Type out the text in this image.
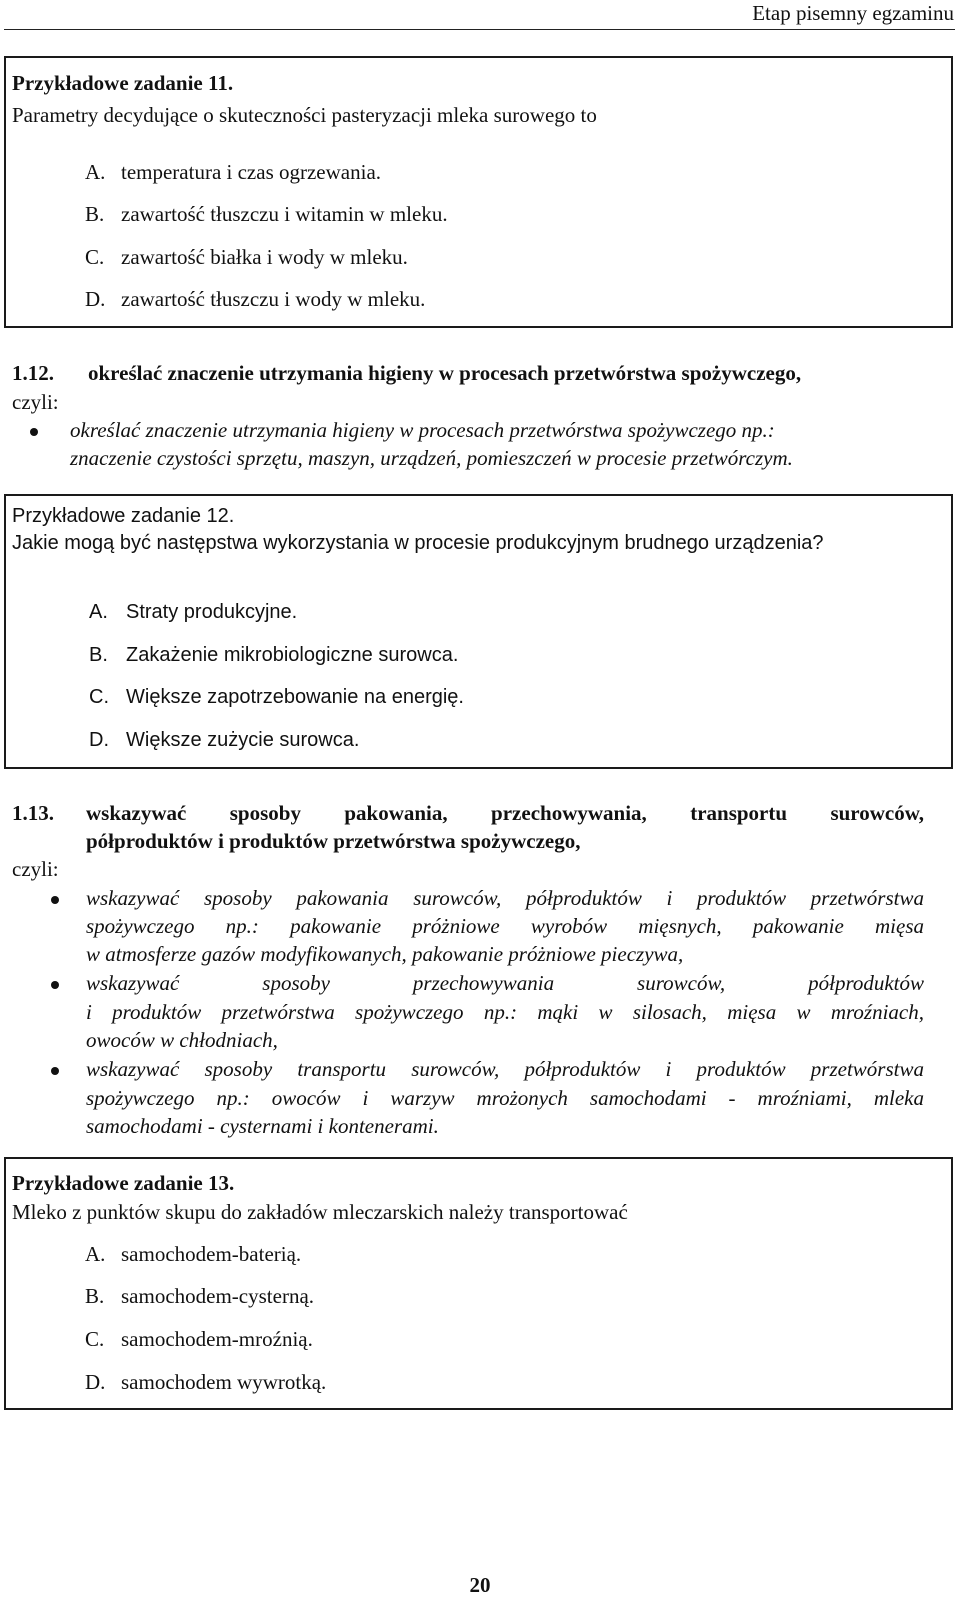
Etap pisemny egzaminu
Przykładowe zadanie 11.
Parametry decydujące o skuteczności pasteryzacji mleka surowego to
A. temperatura i czas ogrzewania.
B. zawartość tłuszczu i witamin w mleku.
C. zawartość białka i wody w mleku.
D. zawartość tłuszczu i wody w mleku.
1.12. określać znaczenie utrzymania higieny w procesach przetwórstwa spożywczego,
czyli:
określać znaczenie utrzymania higieny w procesach przetwórstwa spożywczego np.:
znaczenie czystości sprzętu, maszyn, urządzeń, pomieszczeń w procesie przetwórczym.
Przykładowe zadanie 12.
Jakie mogą być następstwa wykorzystania w procesie produkcyjnym brudnego urządzenia?
A. Straty produkcyjne.
B. Zakażenie mikrobiologiczne surowca.
C. Większe zapotrzebowanie na energię.
D. Większe zużycie surowca.
1.13. wskazywać sposoby pakowania, przechowywania, transportu surowców,
półproduktów i produktów przetwórstwa spożywczego,
czyli:
wskazywać sposoby pakowania surowców, półproduktów i produktów przetwórstwa
spożywczego np.: pakowanie próżniowe wyrobów mięsnych, pakowanie mięsa
w atmosferze gazów modyfikowanych, pakowanie próżniowe pieczywa,
wskazywać sposoby przechowywania surowców, półproduktów
i produktów przetwórstwa spożywczego np.: mąki w silosach, mięsa w mroźniach,
owoców w chłodniach,
wskazywać sposoby transportu surowców, półproduktów i produktów przetwórstwa
spożywczego np.: owoców i warzyw mrożonych samochodami - mroźniami, mleka
samochodami - cysternami i kontenerami.
Przykładowe zadanie 13.
Mleko z punktów skupu do zakładów mleczarskich należy transportować
A. samochodem-baterią.
B. samochodem-cysterną.
C. samochodem-mroźnią.
D. samochodem wywrotką.
20
